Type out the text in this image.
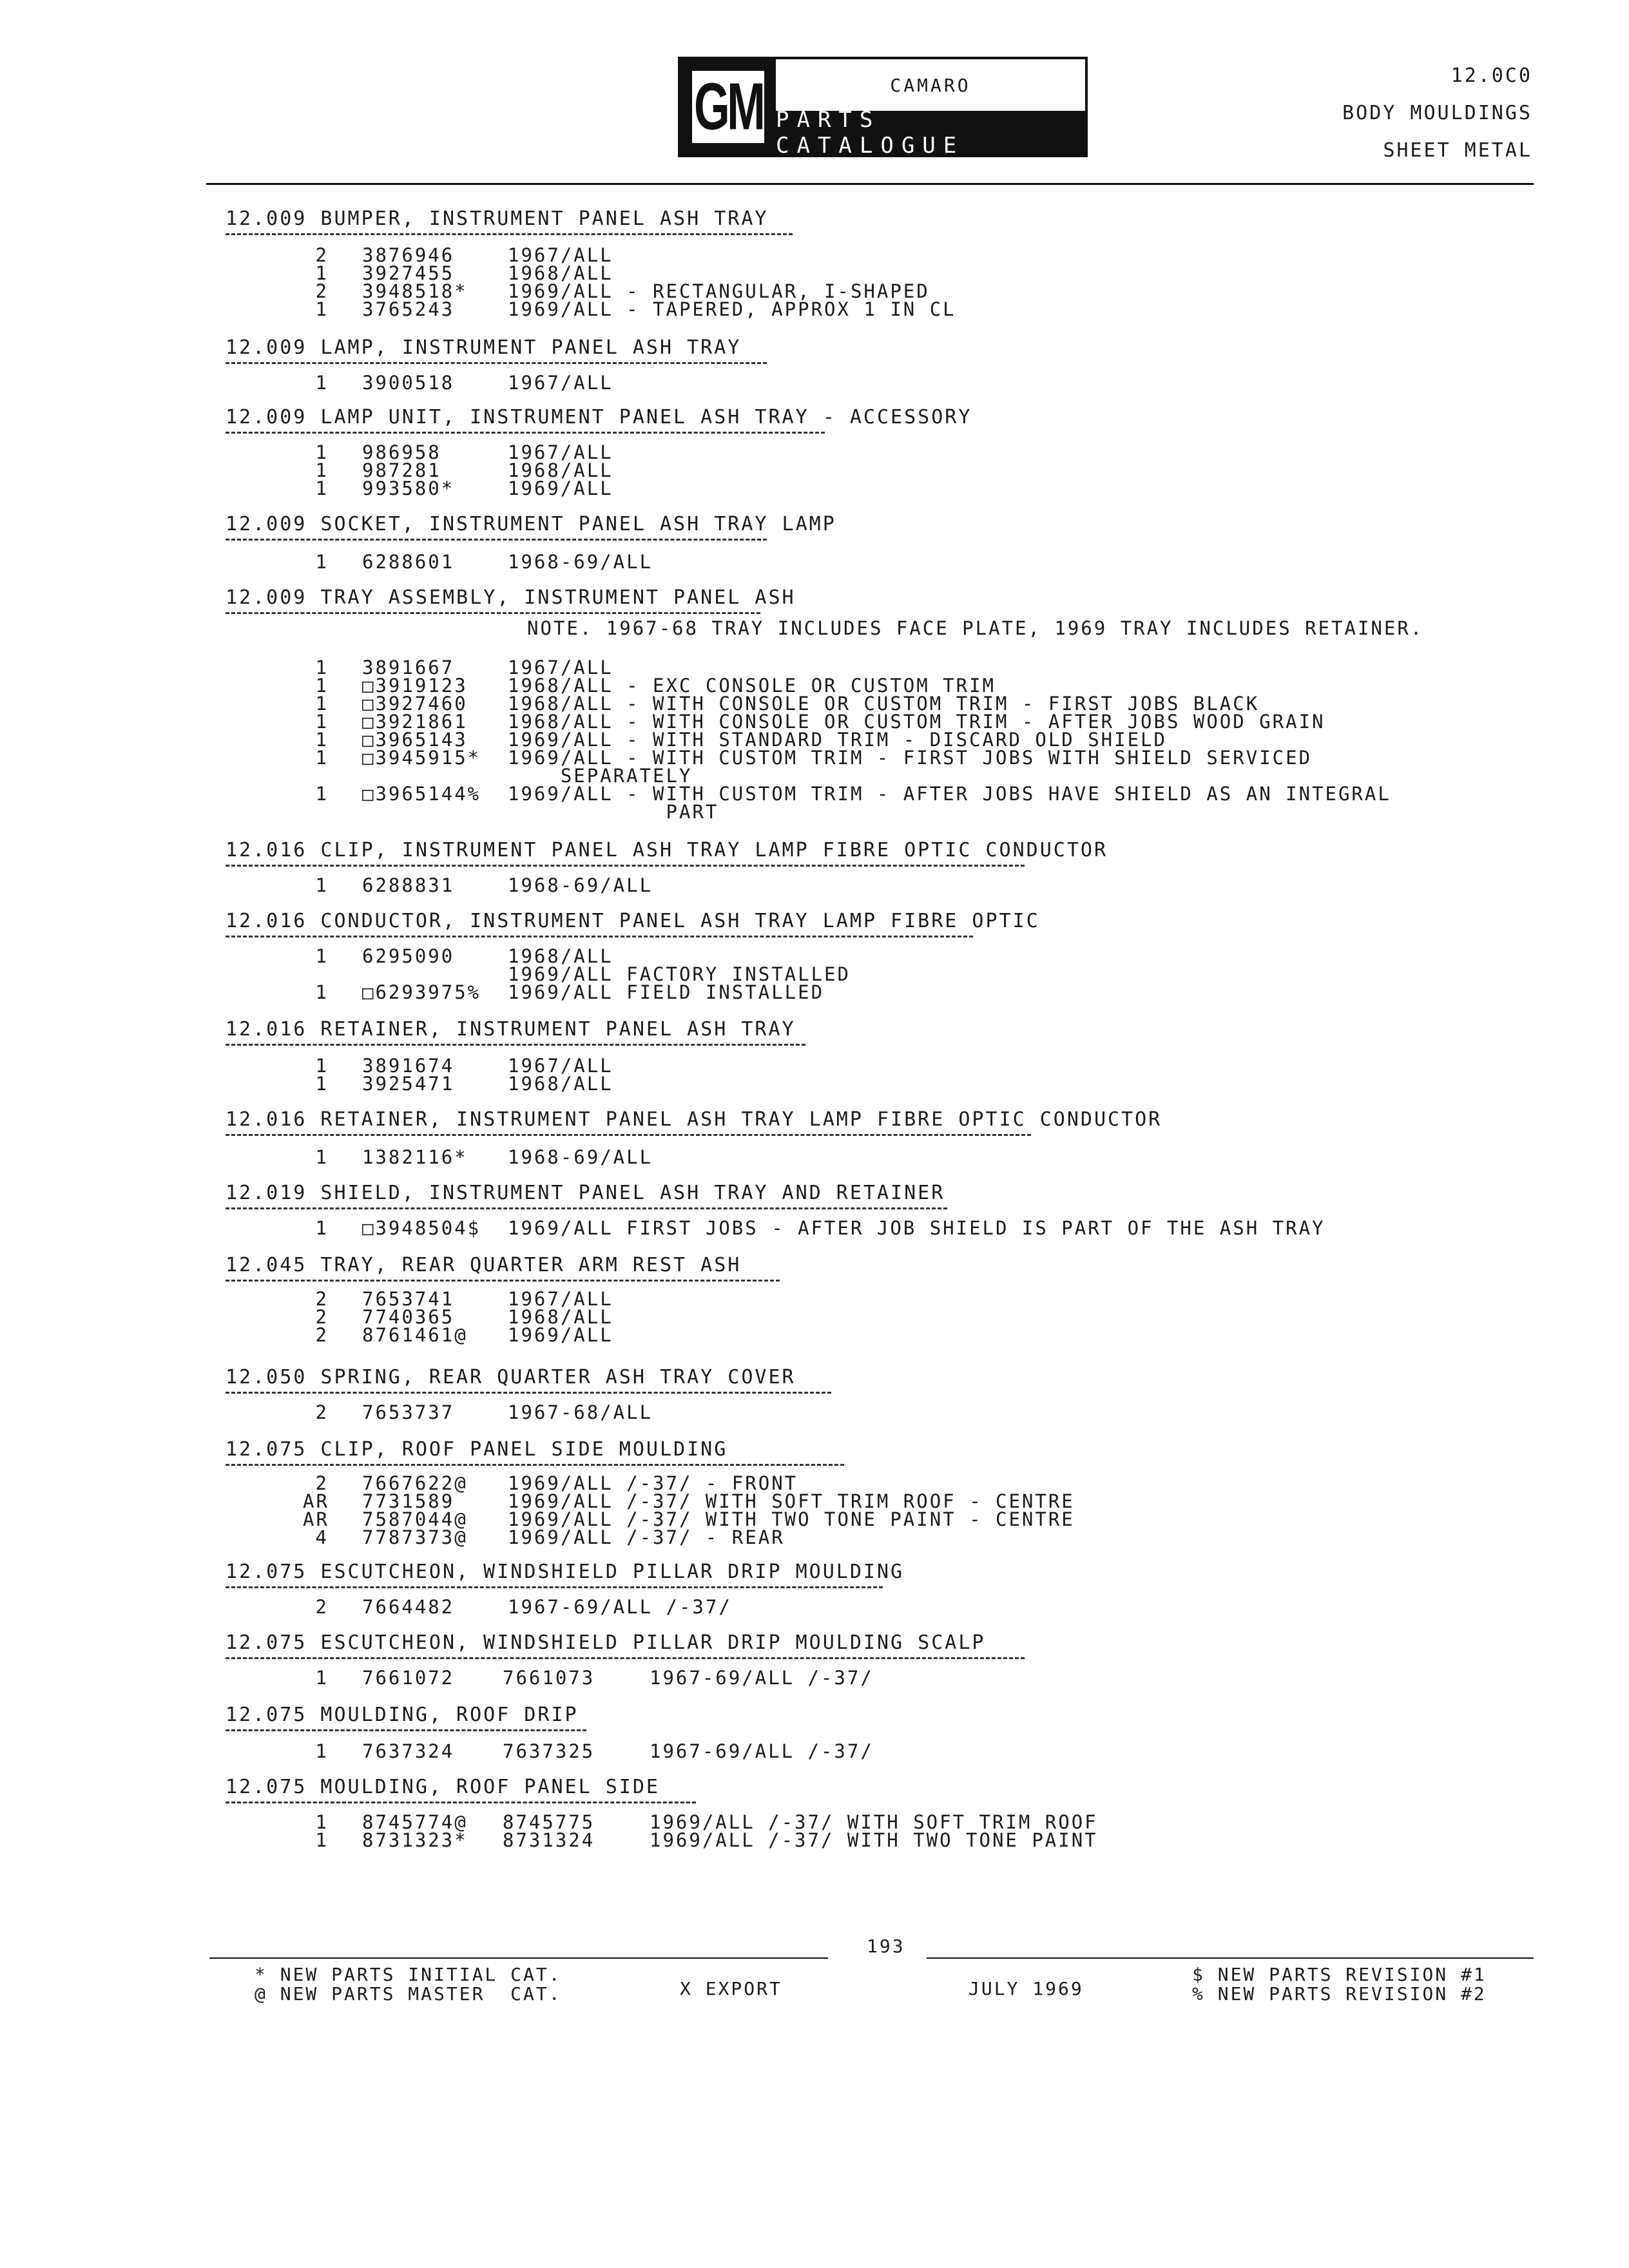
GM	CAMARO
PARTS CATALOGUE
12.0C0
BODY MOULDINGS
SHEET METAL
12.009 BUMPER, INSTRUMENT PANEL ASH TRAY
2 3876946	1967/ALL
1 3927455	1968/ALL
2 3948518* 1969/ALL - RECTANGULAR, I-SHAPED
1 3765243	1969/ALL - TAPERED, APPROX 1 IN CL
12.009 LAMP, INSTRUMENT PANEL ASH TRAY
1 3900518	1967/ALL
12.009 LAMP UNIT, INSTRUMENT PANEL ASH TRAY - ACCESSORY
1 986958	1967/ALL
1 987281	1968/ALL
1 993580*	1969/ALL
12.009 SOCKET, INSTRUMENT PANEL ASH TRAY LAMP
1 6288601	1968-69/ALL
12.009 TRAY ASSEMBLY, INSTRUMENT PANEL ASH
NOTE. 1967-68 TRAY INCLUDES FACE PLATE, 1969 TRAY INCLUDES RETAINER.
1 3891667	1967/ALL
1 □3919123 1968/ALL - EXC CONSOLE OR CUSTOM TRIM
1 □3927460 1968/ALL - WITH CONSOLE OR CUSTOM TRIM - FIRST JOBS BLACK
1 □3921861 1968/ALL - WITH CONSOLE OR CUSTOM TRIM - AFTER JOBS WOOD GRAIN
1 □3965143 1969/ALL - WITH STANDARD TRIM - DISCARD OLD SHIELD
1 □3945915* 1969/ALL - WITH CUSTOM TRIM - FIRST JOBS WITH SHIELD SERVICED
SEPARATELY
1 □3965144% 1969/ALL - WITH CUSTOM TRIM - AFTER JOBS HAVE SHIELD AS AN INTEGRAL
PART
12.016 CLIP, INSTRUMENT PANEL ASH TRAY LAMP FIBRE OPTIC CONDUCTOR
1 6288831	1968-69/ALL
12.016 CONDUCTOR, INSTRUMENT PANEL ASH TRAY LAMP FIBRE OPTIC
1 6295090	1968/ALL
1969/ALL FACTORY INSTALLED
1 □6293975% 1969/ALL FIELD INSTALLED
12.016 RETAINER, INSTRUMENT PANEL ASH TRAY
1 3891674	1967/ALL
1 3925471	1968/ALL
12.016 RETAINER, INSTRUMENT PANEL ASH TRAY LAMP FIBRE OPTIC CONDUCTOR
1 1382116* 1968-69/ALL
12.019 SHIELD, INSTRUMENT PANEL ASH TRAY AND RETAINER
1 □3948504$ 1969/ALL FIRST JOBS - AFTER JOB SHIELD IS PART OF THE ASH TRAY
12.045 TRAY, REAR QUARTER ARM REST ASH
2 7653741	1967/ALL
2 7740365	1968/ALL
2 8761461@ 1969/ALL
12.050 SPRING, REAR QUARTER ASH TRAY COVER
2 7653737	1967-68/ALL
12.075 CLIP, ROOF PANEL SIDE MOULDING
2 7667622@ 1969/ALL /-37/ - FRONT
AR 7731589	1969/ALL /-37/ WITH SOFT TRIM ROOF - CENTRE
AR 7587044@ 1969/ALL /-37/ WITH TWO TONE PAINT - CENTRE
4 7787373@ 1969/ALL /-37/ - REAR
12.075 ESCUTCHEON, WINDSHIELD PILLAR DRIP MOULDING
2 7664482	1967-69/ALL /-37/
12.075 ESCUTCHEON, WINDSHIELD PILLAR DRIP MOULDING SCALP
1 7661072	7661073	1967-69/ALL /-37/
12.075 MOULDING, ROOF DRIP
1 7637324	7637325	1967-69/ALL /-37/
12.075 MOULDING, ROOF PANEL SIDE
1 8745774@ 8745775	1969/ALL /-37/ WITH SOFT TRIM ROOF
1 8731323* 8731324	1969/ALL /-37/ WITH TWO TONE PAINT
193
* NEW PARTS INITIAL CAT.
@ NEW PARTS MASTER  CAT.	X EXPORT	JULY 1969
$ NEW PARTS REVISION #1
% NEW PARTS REVISION #2
